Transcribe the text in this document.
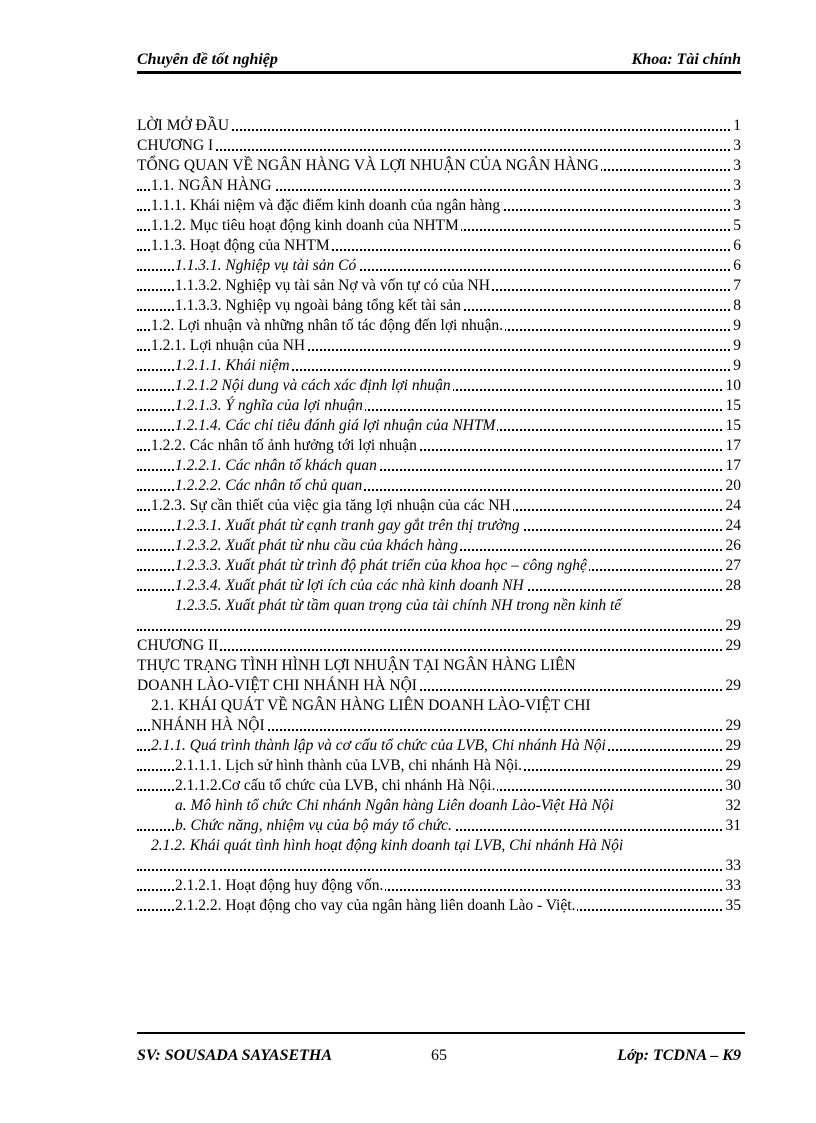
Chuyên đề tốt nghiệp	Khoa: Tài chính
LỜI MỞ ĐẦU	1
CHƯƠNG I	3
TỔNG QUAN VỀ NGÂN HÀNG VÀ LỢI NHUẬN CỦA NGÂN HÀNG	3
1.1. NGÂN HÀNG	3
1.1.1. Khái niệm và đặc điểm kinh doanh của ngân hàng	3
1.1.2. Mục tiêu hoạt động kinh doanh của NHTM	5
1.1.3. Hoạt động của NHTM	6
1.1.3.1. Nghiệp vụ tài sản Có	6
1.1.3.2. Nghiệp vụ tài sản Nợ và vốn tự có của NH	7
1.1.3.3. Nghiệp vụ ngoài bảng tổng kết tài sản	8
1.2. Lợi nhuận và những nhân tố tác động đến lợi nhuận.	9
1.2.1. Lợi nhuận của NH	9
1.2.1.1. Khái niệm	9
1.2.1.2 Nội dung và cách xác định lợi nhuận	10
1.2.1.3. Ý nghĩa của lợi nhuận	15
1.2.1.4. Các chỉ tiêu đánh giá lợi nhuận của NHTM	15
1.2.2. Các nhân tố ảnh hưởng tới lợi nhuận	17
1.2.2.1. Các nhân tố khách quan	17
1.2.2.2. Các nhân tố chủ quan	20
1.2.3. Sự cần thiết của việc gia tăng lợi nhuận của các NH	24
1.2.3.1. Xuất phát từ cạnh tranh gay gắt trên thị trường	24
1.2.3.2. Xuất phát từ nhu cầu của khách hàng	26
1.2.3.3. Xuất phát từ trình độ phát triển của khoa học – công nghệ	27
1.2.3.4. Xuất phát từ lợi ích của các nhà kinh doanh NH	28
1.2.3.5. Xuất phát từ tầm quan trọng của tài chính NH trong nền kinh tế
29
CHƯƠNG II	29
THỰC TRẠNG TÌNH HÌNH LỢI NHUẬN TẠI NGÂN HÀNG LIÊN
DOANH LÀO-VIỆT CHI NHÁNH HÀ NỘI	29
2.1. KHÁI QUÁT VỀ NGÂN HÀNG LIÊN DOANH LÀO-VIỆT CHI
NHÁNH HÀ NỘI	29
2.1.1. Quá trình thành lập và cơ cấu tổ chức của LVB, Chi nhánh Hà Nội	29
2.1.1.1. Lịch sử hình thành của LVB, chi nhánh Hà Nội.	29
2.1.1.2.Cơ cấu tổ chức của LVB, chi nhánh Hà Nội.	30
a. Mô hình tổ chức Chi nhánh Ngân hàng Liên doanh Lào-Việt Hà Nội	32
b. Chức năng, nhiệm vụ của bộ máy tổ chức.	31
2.1.2. Khái quát tình hình hoạt động kinh doanh tại LVB, Chi nhánh Hà Nội
33
2.1.2.1. Hoạt động huy động vốn.	33
2.1.2.2. Hoạt động cho vay của ngân hàng liên doanh Lào - Việt.	35
SV: SOUSADA SAYASETHA	65	Lớp: TCDNA – K9
